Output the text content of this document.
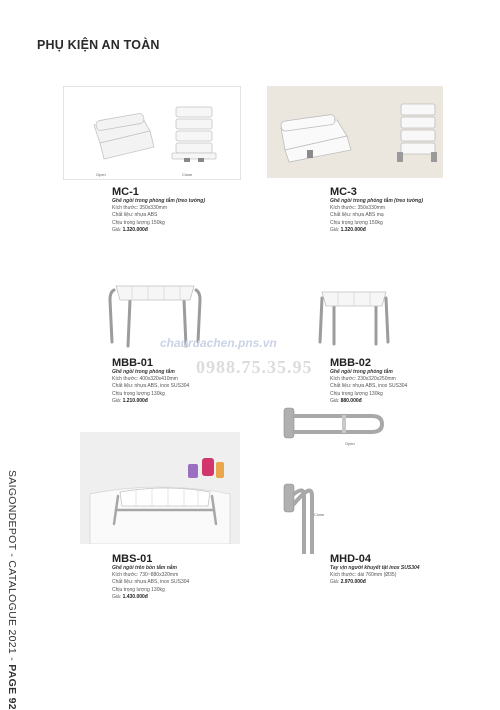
PHỤ KIỆN AN TOÀN
SAIGONDEPOT - CATALOGUE 2021 - PAGE 92
Open	Close
MC-1
Ghế ngồi trong phòng tắm (treo tường)
Kích thước: 350x330mm
Chất liệu: nhựa ABS
Chịu trọng lượng 150kg
Giá: 1.320.000đ
MC-3
Ghế ngồi trong phòng tắm (treo tường)
Kích thước: 350x330mm
Chất liệu: nhựa ABS mạ
Chịu trọng lượng 150kg
Giá: 1.320.000đ
chauruachen.pns.vn
0988.75.35.95
MBB-01
Ghế ngồi trong phòng tắm
Kích thước: 400x320x410mm
Chất liệu: nhựa ABS, inox SUS304
Chịu trọng lượng 130kg
Giá: 1.210.000đ
MBB-02
Ghế ngồi trong phòng tắm
Kích thước: 230x320x250mm
Chất liệu: nhựa ABS, inox SUS304
Chịu trọng lượng 130kg
Giá: 880.000đ
Open
Close
MBS-01
Ghế ngồi trên bồn tắm nằm
Kích thước: 730~880x320mm
Chất liệu: nhựa ABS, inox SUS304
Chịu trọng lượng 130kg
Giá: 1.430.000đ
MHD-04
Tay vịn người khuyết tật inox SUS304
Kích thước: dài 760mm (Ø35)
Giá: 2.970.000đ
